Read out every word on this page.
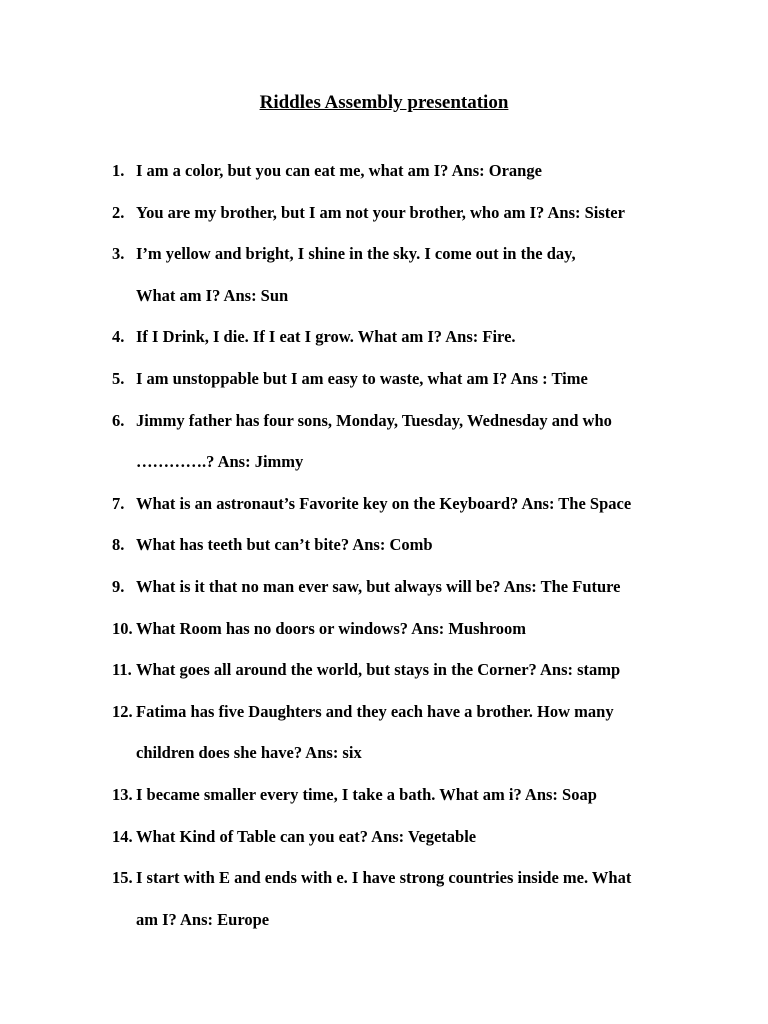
Riddles Assembly presentation
1. I am a color, but you can eat me, what am I? Ans: Orange
2. You are my brother, but I am not your brother, who am I? Ans: Sister
3. I’m yellow and bright, I shine in the sky. I come out in the day,
What am I? Ans: Sun
4. If I Drink, I die. If I eat I grow. What am I? Ans: Fire.
5. I am unstoppable but I am easy to waste, what am I? Ans : Time
6. Jimmy father has four sons, Monday, Tuesday, Wednesday and who
………….? Ans: Jimmy
7. What is an astronaut’s Favorite key on the Keyboard? Ans: The Space
8. What has teeth but can’t bite? Ans: Comb
9. What is it that no man ever saw, but always will be? Ans: The Future
10. What Room has no doors or windows? Ans: Mushroom
11. What goes all around the world, but stays in the Corner? Ans: stamp
12. Fatima has five Daughters and they each have a brother. How many
children does she have? Ans: six
13. I became smaller every time, I take a bath. What am i? Ans: Soap
14. What Kind of Table can you eat? Ans: Vegetable
15. I start with E and ends with e. I have strong countries inside me. What
am I? Ans: Europe
